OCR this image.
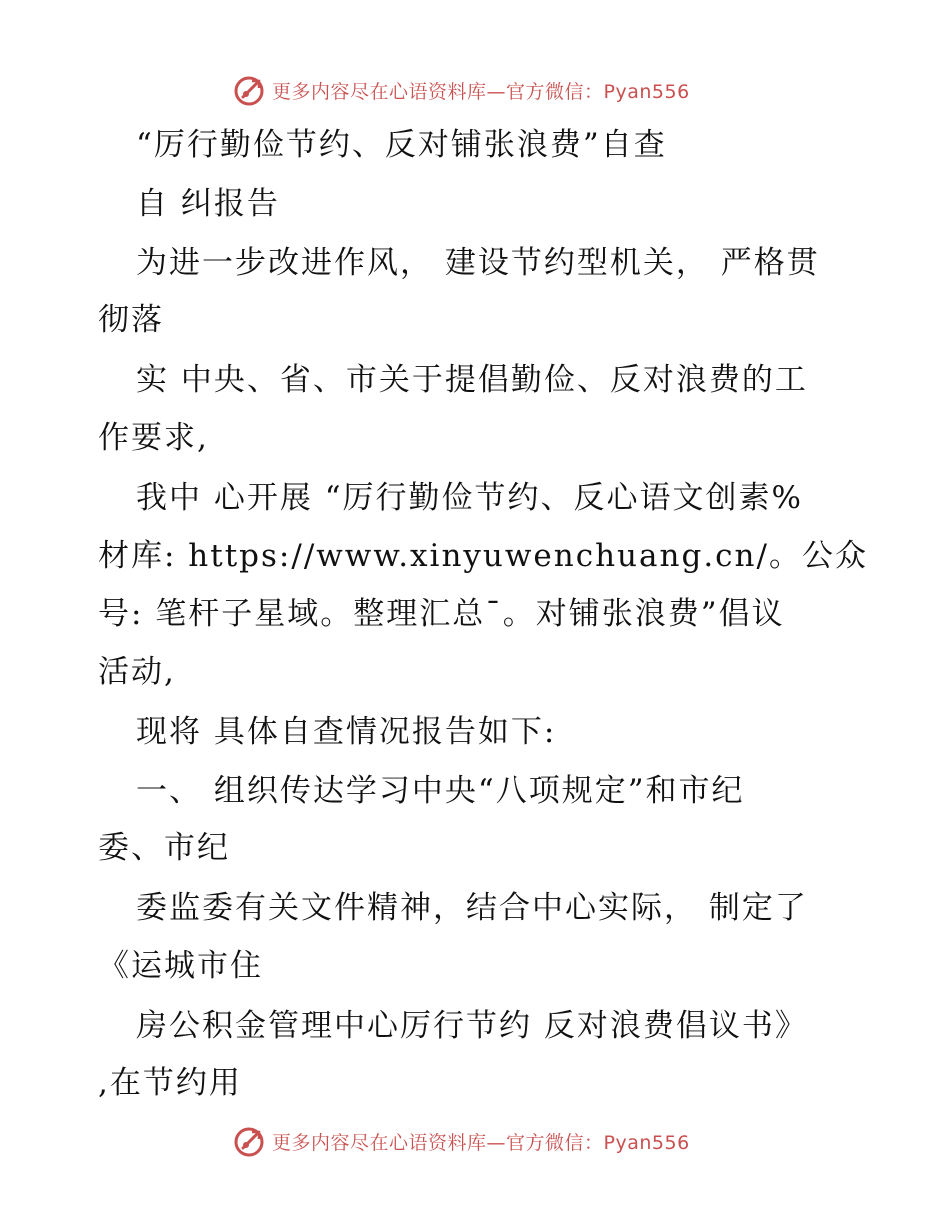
更多内容尽在心语资料库—官方微信：Pyan556
“厉行勤俭节约、反对铺张浪费”自查
自 纠报告
为进一步改进作风， 建设节约型机关， 严格贯
彻落
实 中央、省、市关于提倡勤俭、反对浪费的工
作要求,
我中 心开展 “厉行勤俭节约、反心语文创素%
材库: https://www.xinyuwenchuang.cn/。公众
号: 笔杆子星域。整理汇总¯。对铺张浪费”倡议
活动,
现将 具体自查情况报告如下:
一、 组织传达学习中央“八项规定”和市纪
委、市纪
委监委有关文件精神，结合中心实际， 制定了
《运城市住
房公积金管理中心厉行节约 反对浪费倡议书》
,在节约用
更多内容尽在心语资料库—官方微信：Pyan556
